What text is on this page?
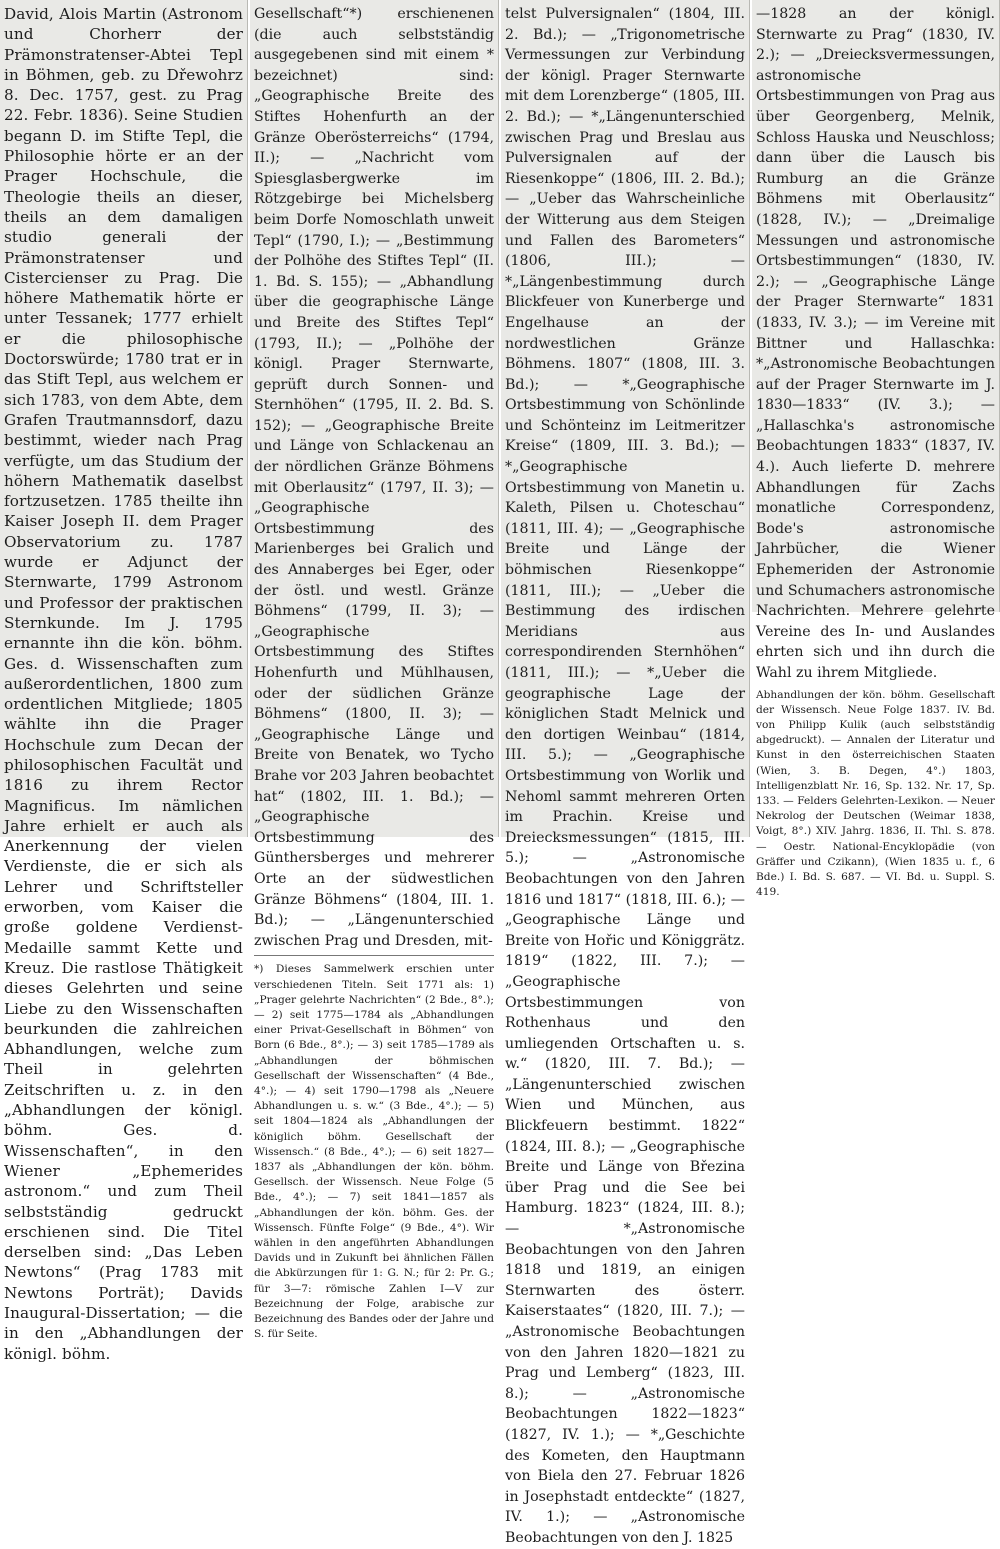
David, Alois Martin (Astronom und Chorherr der Prämonstratenser-Abtei Tepl in Böhmen, geb. zu Dřewohrz 8. Dec. 1757, gest. zu Prag 22. Febr. 1836). Seine Studien begann D. im Stifte Tepl, die Philosophie hörte er an der Prager Hochschule, die Theologie theils an dieser, theils an dem damaligen studio generali der Prämonstratenser und Cistercienser zu Prag. Die höhere Mathematik hörte er unter Tessanek; 1777 erhielt er die philosophische Doctorswürde; 1780 trat er in das Stift Tepl, aus welchem er sich 1783, von dem Abte, dem Grafen Trautmannsdorf, dazu bestimmt, wieder nach Prag verfügte, um das Studium der höhern Mathematik daselbst fortzusetzen. 1785 theilte ihn Kaiser Joseph II. dem Prager Observatorium zu. 1787 wurde er Adjunct der Sternwarte, 1799 Astronom und Professor der praktischen Sternkunde. Im J. 1795 ernannte ihn die kön. böhm. Ges. d. Wissenschaften zum außerordentlichen, 1800 zum ordentlichen Mitgliede; 1805 wählte ihn die Prager Hochschule zum Decan der philosophischen Facultät und 1816 zu ihrem Rector Magnificus. Im nämlichen Jahre erhielt er auch als Anerkennung der vielen Verdienste, die er sich als Lehrer und Schriftsteller erworben, vom Kaiser die große goldene Verdienst-Medaille sammt Kette und Kreuz. Die rastlose Thätigkeit dieses Gelehrten und seine Liebe zu den Wissenschaften beurkunden die zahlreichen Abhandlungen, welche zum Theil in gelehrten Zeitschriften u. z. in den „Abhandlungen der königl. böhm. Ges. d. Wissenschaften“, in den Wiener „Ephemerides astronom.“ und zum Theil selbstständig gedruckt erschienen sind. Die Titel derselben sind: „Das Leben Newtons“ (Prag 1783 mit Newtons Porträt); Davids Inaugural-Dissertation; — die in den „Abhandlungen der königl. böhm.

Gesellschaft“*) erschienenen (die auch selbstständig ausgegebenen sind mit einem * bezeichnet) sind: „Geographische Breite des Stiftes Hohenfurth an der Gränze Oberösterreichs“ (1794, II.); — „Nachricht vom Spiesglasbergwerke im Rötzgebirge bei Michelsberg beim Dorfe Nomoschlath unweit Tepl“ (1790, I.); — „Bestimmung der Polhöhe des Stiftes Tepl“ (II. 1. Bd. S. 155); — „Abhandlung über die geographische Länge und Breite des Stiftes Tepl“ (1793, II.); — „Polhöhe der königl. Prager Sternwarte, geprüft durch Sonnen- und Sternhöhen“ (1795, II. 2. Bd. S. 152); — „Geographische Breite und Länge von Schlackenau an der nördlichen Gränze Böhmens mit Oberlausitz“ (1797, II. 3); — „Geographische Ortsbestimmung des Marienberges bei Gralich und des Annaberges bei Eger, oder der östl. und westl. Gränze Böhmens“ (1799, II. 3); — „Geographische Ortsbestimmung des Stiftes Hohenfurth und Mühlhausen, oder der südlichen Gränze Böhmens“ (1800, II. 3); — „Geographische Länge und Breite von Benatek, wo Tycho Brahe vor 203 Jahren beobachtet hat“ (1802, III. 1. Bd.); — „Geographische Ortsbestimmung des Günthersberges und mehrerer Orte an der südwestlichen Gränze Böhmens“ (1804, III. 1. Bd.); — „Längenunterschied zwischen Prag und Dresden, mit-

*) Dieses Sammelwerk erschien unter verschiedenen Titeln. Seit 1771 als: 1) „Prager gelehrte Nachrichten“ (2 Bde., 8°.); — 2) seit 1775—1784 als „Abhandlungen einer Privat-Gesellschaft in Böhmen“ von Born (6 Bde., 8°.); — 3) seit 1785—1789 als „Abhandlungen der böhmischen Gesellschaft der Wissenschaften“ (4 Bde., 4°.); — 4) seit 1790—1798 als „Neuere Abhandlungen u. s. w.“ (3 Bde., 4°.); — 5) seit 1804—1824 als „Abhandlungen der königlich böhm. Gesellschaft der Wissensch.“ (8 Bde., 4°.); — 6) seit 1827—1837 als „Abhandlungen der kön. böhm. Gesellsch. der Wissensch. Neue Folge (5 Bde., 4°.); — 7) seit 1841—1857 als „Abhandlungen der kön. böhm. Ges. der Wissensch. Fünfte Folge“ (9 Bde., 4°). Wir wählen in den angeführten Abhandlungen Davids und in Zukunft bei ähnlichen Fällen die Abkürzungen für 1: G. N.; für 2: Pr. G.; für 3—7: römische Zahlen I—V zur Bezeichnung der Folge, arabische zur Bezeichnung des Bandes oder der Jahre und S. für Seite.

telst Pulversignalen“ (1804, III. 2. Bd.); — „Trigonometrische Vermessungen zur Verbindung der königl. Prager Sternwarte mit dem Lorenzberge“ (1805, III. 2. Bd.); — *„Längenunterschied zwischen Prag und Breslau aus Pulversignalen auf der Riesenkoppe“ (1806, III. 2. Bd.); — „Ueber das Wahrscheinliche der Witterung aus dem Steigen und Fallen des Barometers“ (1806, III.); — *„Längenbestimmung durch Blickfeuer von Kunerberge und Engelhause an der nordwestlichen Gränze Böhmens. 1807“ (1808, III. 3. Bd.); — *„Geographische Ortsbestimmung von Schönlinde und Schönteinz im Leitmeritzer Kreise“ (1809, III. 3. Bd.); — *„Geographische Ortsbestimmung von Manetin u. Kaleth, Pilsen u. Choteschau“ (1811, III. 4); — „Geographische Breite und Länge der böhmischen Riesenkoppe“ (1811, III.); — „Ueber die Bestimmung des irdischen Meridians aus correspondirenden Sternhöhen“ (1811, III.); — *„Ueber die geographische Lage der königlichen Stadt Melnick und den dortigen Weinbau“ (1814, III. 5.); — „Geographische Ortsbestimmung von Worlik und Nehoml sammt mehreren Orten im Prachin. Kreise und Dreiecksmessungen“ (1815, III. 5.); — „Astronomische Beobachtungen von den Jahren 1816 und 1817“ (1818, III. 6.); — „Geographische Länge und Breite von Hořic und Königgrätz. 1819“ (1822, III. 7.); — „Geographische Ortsbestimmungen von Rothenhaus und den umliegenden Ortschaften u. s. w.“ (1820, III. 7. Bd.); — „Längenunterschied zwischen Wien und München, aus Blickfeuern bestimmt. 1822“ (1824, III. 8.); — „Geographische Breite und Länge von Březina über Prag und die See bei Hamburg. 1823“ (1824, III. 8.); — *„Astronomische Beobachtungen von den Jahren 1818 und 1819, an einigen Sternwarten des österr. Kaiserstaates“ (1820, III. 7.); — „Astronomische Beobachtungen von den Jahren 1820—1821 zu Prag und Lemberg“ (1823, III. 8.); — „Astronomische Beobachtungen 1822—1823“ (1827, IV. 1.); — *„Geschichte des Kometen, den Hauptmann von Biela den 27. Februar 1826 in Josephstadt entdeckte“ (1827, IV. 1.); — „Astronomische Beobachtungen von den J. 1825

—1828 an der königl. Sternwarte zu Prag“ (1830, IV. 2.); — „Dreiecksvermessungen, astronomische Ortsbestimmungen von Prag aus über Georgenberg, Melnik, Schloss Hauska und Neuschloss; dann über die Lausch bis Rumburg an die Gränze Böhmens mit Oberlausitz“ (1828, IV.); — „Dreimalige Messungen und astronomische Ortsbestimmungen“ (1830, IV. 2.); — „Geographische Länge der Prager Sternwarte“ 1831 (1833, IV. 3.); — im Vereine mit Bittner und Hallaschka: *„Astronomische Beobachtungen auf der Prager Sternwarte im J. 1830—1833“ (IV. 3.); — „Hallaschka's astronomische Beobachtungen 1833“ (1837, IV. 4.). Auch lieferte D. mehrere Abhandlungen für Zachs monatliche Correspondenz, Bode's astronomische Jahrbücher, die Wiener Ephemeriden der Astronomie und Schumachers astronomische Nachrichten. Mehrere gelehrte Vereine des In- und Auslandes ehrten sich und ihn durch die Wahl zu ihrem Mitgliede.

Abhandlungen der kön. böhm. Gesellschaft der Wissensch. Neue Folge 1837. IV. Bd. von Philipp Kulik (auch selbstständig abgedruckt). — Annalen der Literatur und Kunst in den österreichischen Staaten (Wien, 3. B. Degen, 4°.) 1803, Intelligenzblatt Nr. 16, Sp. 132. Nr. 17, Sp. 133. — Felders Gelehrten-Lexikon. — Neuer Nekrolog der Deutschen (Weimar 1838, Voigt, 8°.) XIV. Jahrg. 1836, II. Thl. S. 878. — Oestr. National-Encyklopädie (von Gräffer und Czikann), (Wien 1835 u. f., 6 Bde.) I. Bd. S. 687. — VI. Bd. u. Suppl. S. 419.
